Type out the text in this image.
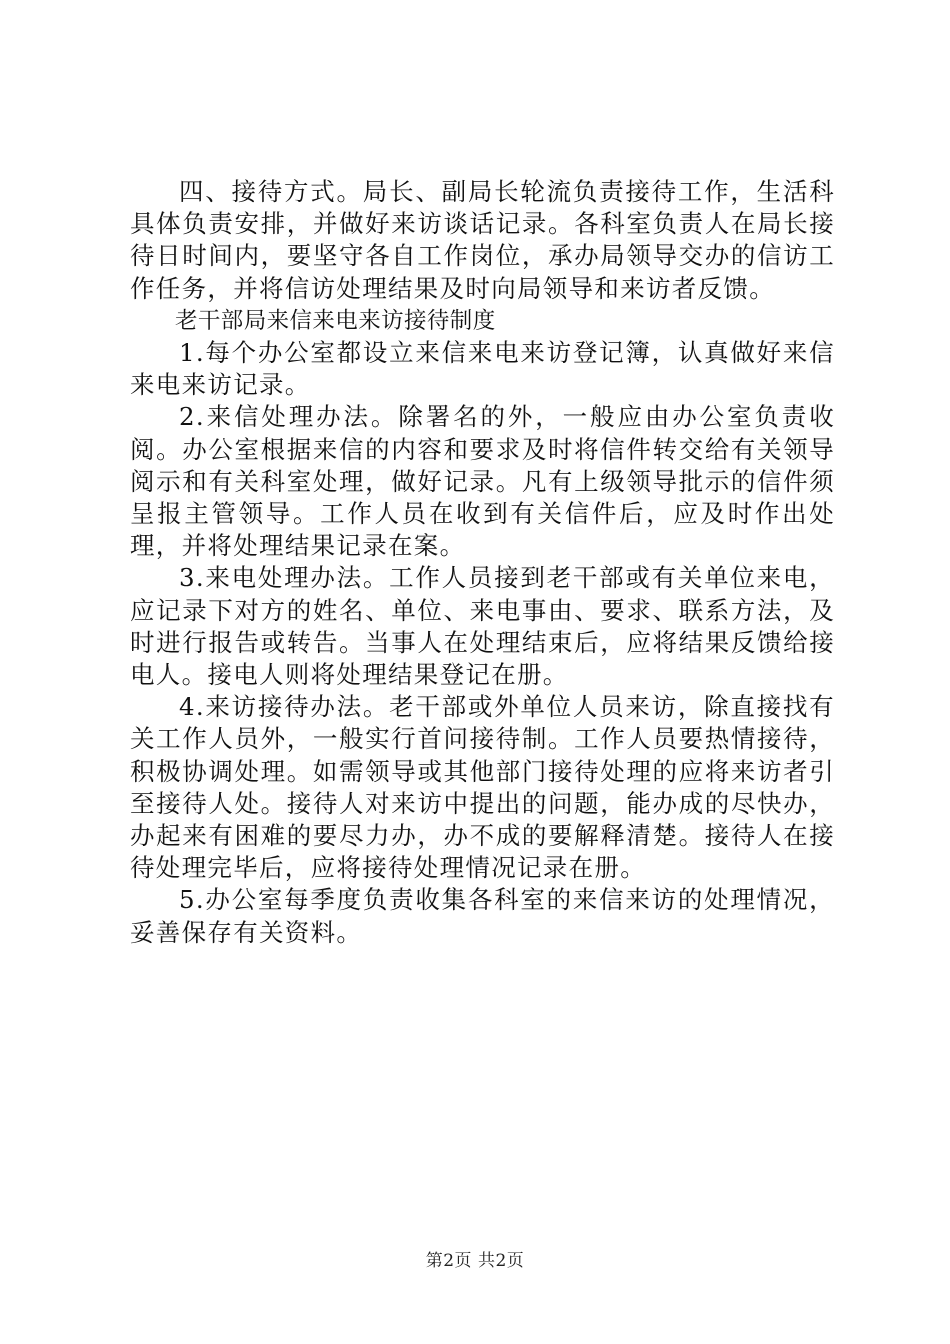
四、接待方式。局长、副局长轮流负责接待工作，生活科具体负责安排，并做好来访谈话记录。各科室负责人在局长接待日时间内，要坚守各自工作岗位，承办局领导交办的信访工作任务，并将信访处理结果及时向局领导和来访者反馈。

老干部局来信来电来访接待制度

1.每个办公室都设立来信来电来访登记簿，认真做好来信来电来访记录。

2.来信处理办法。除署名的外，一般应由办公室负责收阅。办公室根据来信的内容和要求及时将信件转交给有关领导阅示和有关科室处理，做好记录。凡有上级领导批示的信件须呈报主管领导。工作人员在收到有关信件后，应及时作出处理，并将处理结果记录在案。

3.来电处理办法。工作人员接到老干部或有关单位来电，应记录下对方的姓名、单位、来电事由、要求、联系方法，及时进行报告或转告。当事人在处理结束后，应将结果反馈给接电人。接电人则将处理结果登记在册。

4.来访接待办法。老干部或外单位人员来访，除直接找有关工作人员外，一般实行首问接待制。工作人员要热情接待，积极协调处理。如需领导或其他部门接待处理的应将来访者引至接待人处。接待人对来访中提出的问题，能办成的尽快办，办起来有困难的要尽力办，办不成的要解释清楚。接待人在接待处理完毕后，应将接待处理情况记录在册。

5.办公室每季度负责收集各科室的来信来访的处理情况，妥善保存有关资料。

第2页 共2页
